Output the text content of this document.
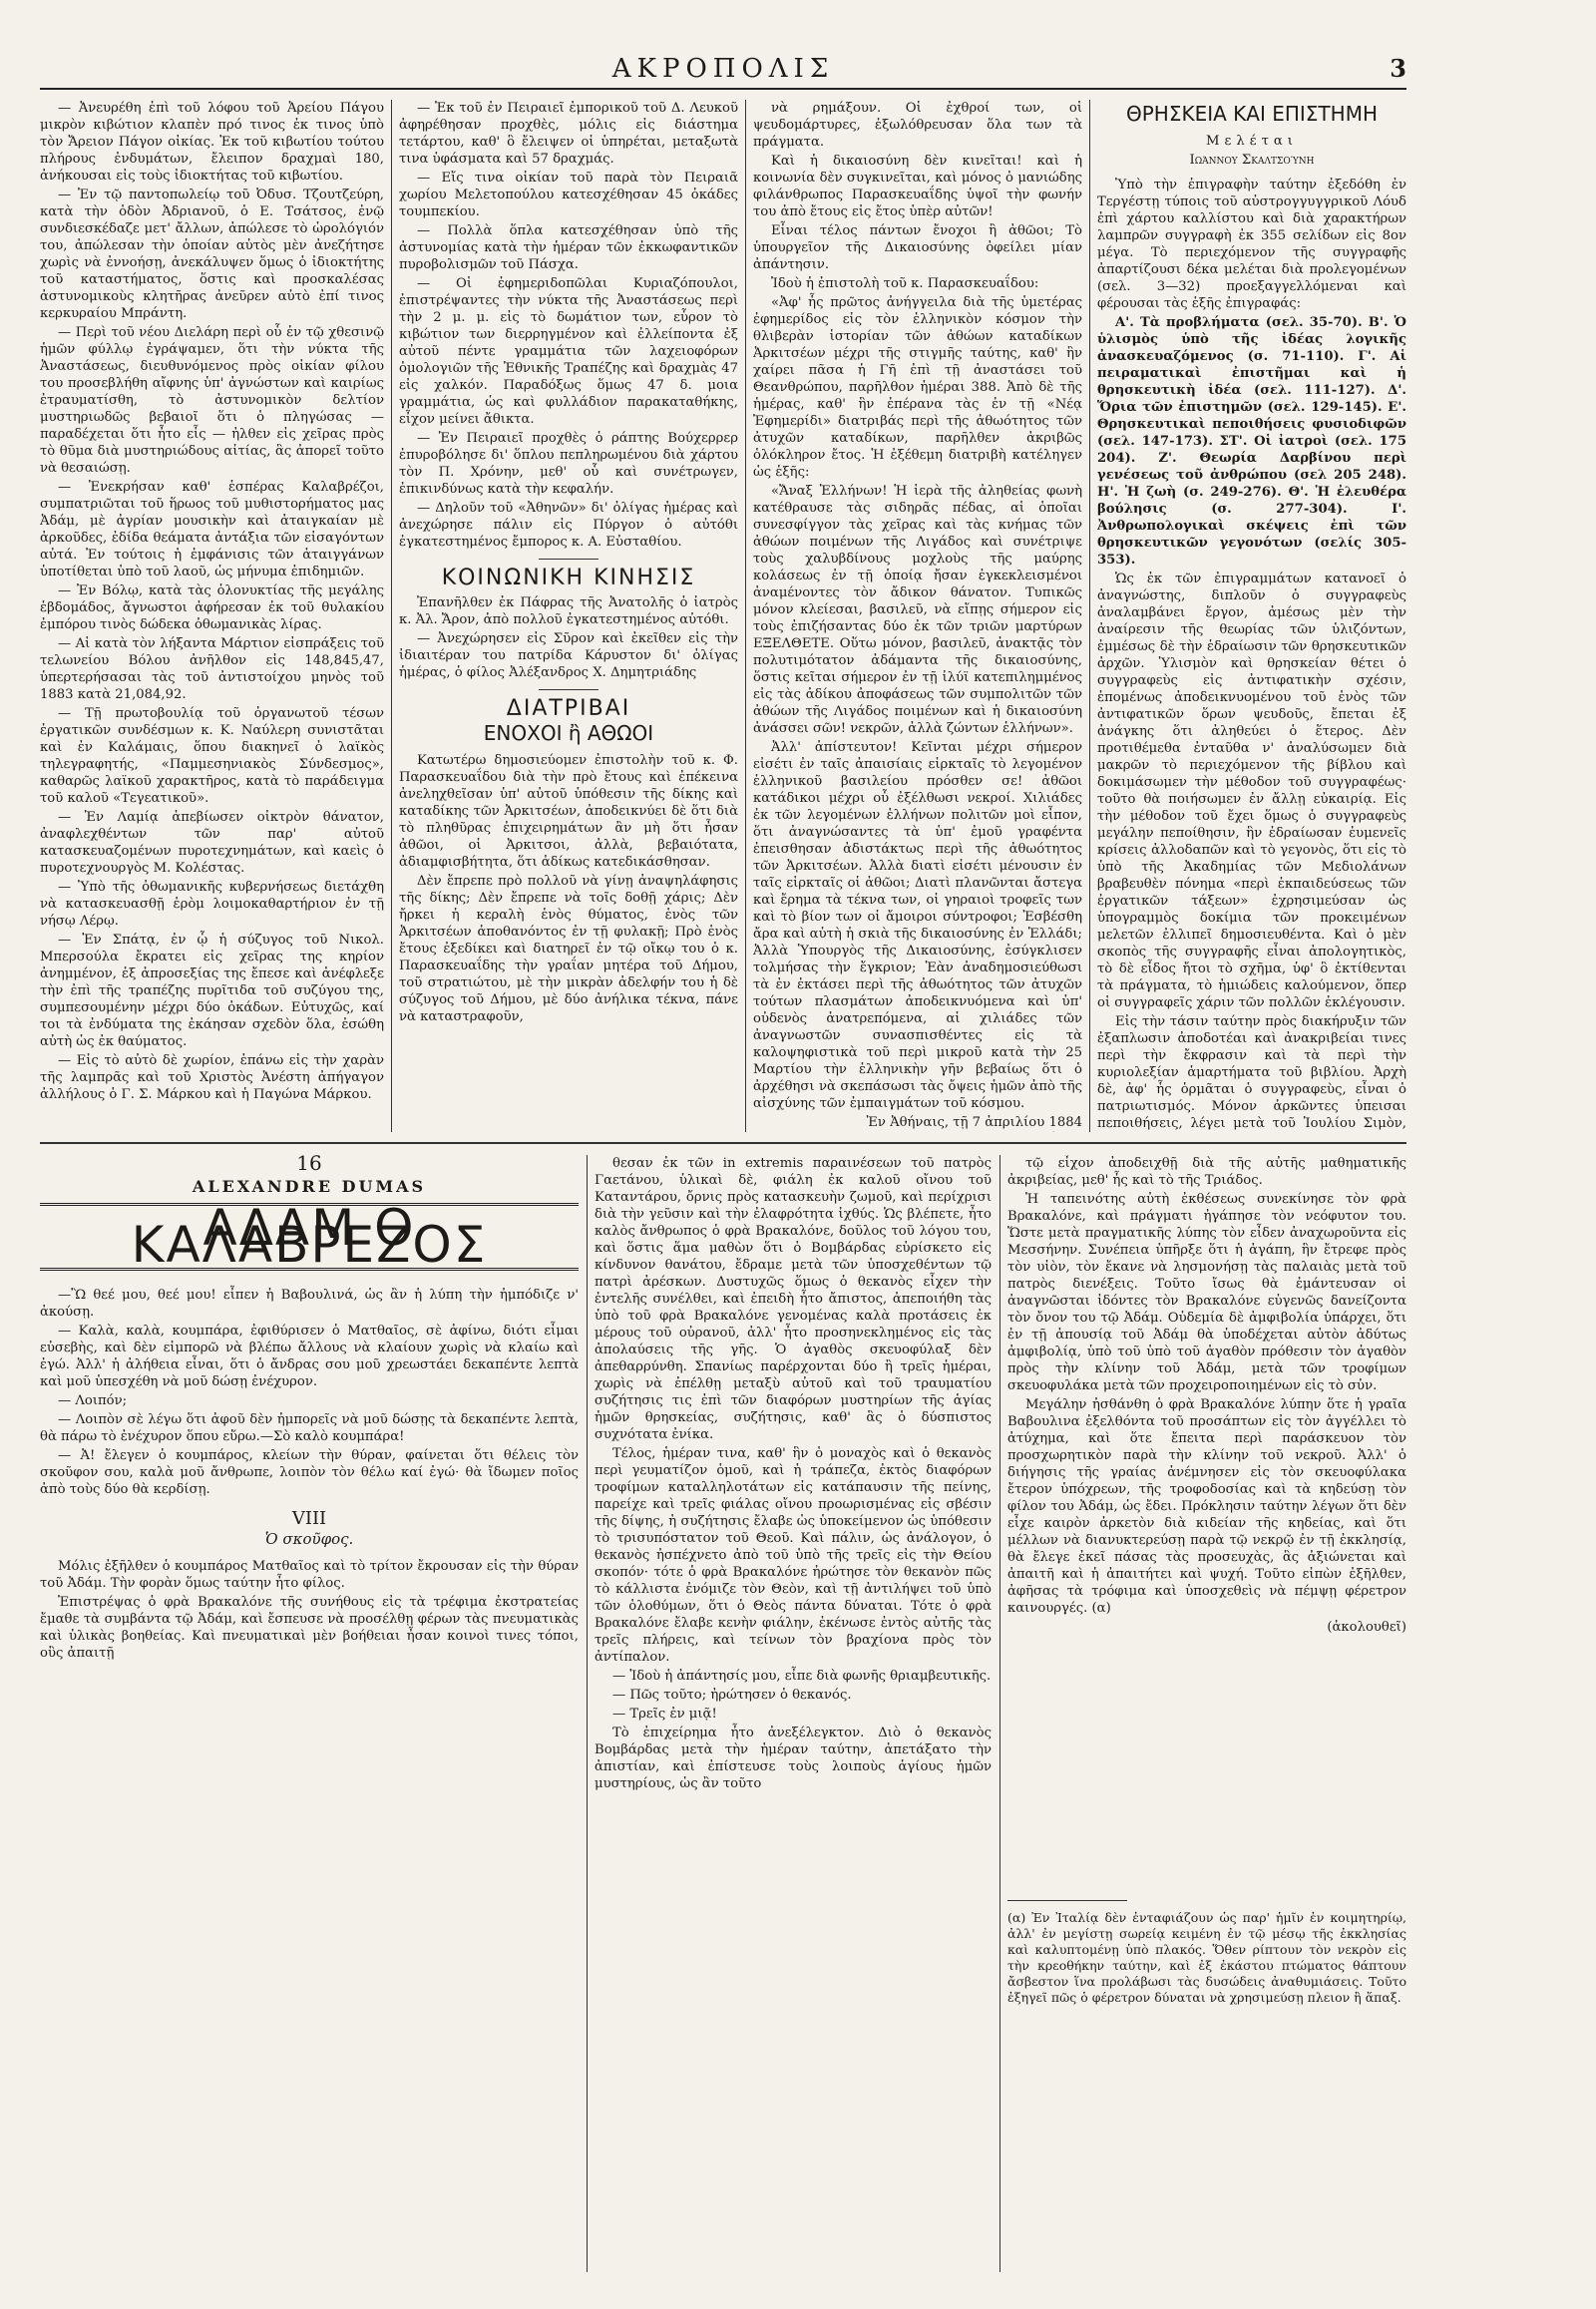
ΑΚΡΟΠΟΛΙΣ	3

— Ἀνευρέθη ἐπὶ τοῦ λόφου τοῦ Ἀρείου Πάγου μικρὸν κιβώτιον κλαπὲν πρό τινος ἐκ τινος ὑπὸ τὸν Ἄρειον Πάγον οἰκίας. Ἐκ τοῦ κιβωτίου τούτου πλήρους ἐνδυμάτων, ἔλειπον δραχμαὶ 180, ἀνήκουσαι εἰς τοὺς ἰδιοκτήτας τοῦ κιβωτίου.

— Ἐν τῷ παντοπωλείῳ τοῦ Ὀδυσ. Τζουτζεύρη, κατὰ τὴν ὁδὸν Ἀδριανοῦ, ὁ Ε. Τσάτσος, ἐνῷ συνδιεσκέδαζε μετ' ἄλλων, ἀπώλεσε τὸ ὡρολόγιόν του, ἀπώλεσαν τὴν ὁποίαν αὐτὸς μὲν ἀνεζήτησε χωρὶς νὰ ἐννοήσῃ, ἀνεκάλυψεν ὅμως ὁ ἰδιοκτήτης τοῦ καταστήματος, ὅστις καὶ προσκαλέσας ἀστυνομικοὺς κλητῆρας ἀνεῦρεν αὐτὸ ἐπί τινος κερκυραίου Μπράντη.

— Περὶ τοῦ νέου Διελάρη περὶ οὗ ἐν τῷ χθεσινῷ ἡμῶν φύλλῳ ἐγράψαμεν, ὅτι τὴν νύκτα τῆς Ἀναστάσεως, διευθυνόμενος πρὸς οἰκίαν φίλου του προσεβλήθη αἴφνης ὑπ' ἀγνώστων καὶ καιρίως ἐτραυματίσθη, τὸ ἀστυνομικὸν δελτίον μυστηριωδῶς βεβαιοῖ ὅτι ὁ πληγώσας — παραδέχεται ὅτι ἦτο εἷς — ἠλθεν εἰς χεῖρας πρὸς τὸ θῦμα διὰ μυστηριώδους αἰτίας, ἃς ἀπορεῖ τοῦτο νὰ θεσαιώσῃ.

— Ἐνεκρήσαν καθ' ἑσπέρας Καλαβρέζοι, συμπατριῶται τοῦ ἥρωος τοῦ μυθιστορήματος μας Ἀδάμ, μὲ ἀγρίαν μουσικὴν καὶ ἀταιγκαίαν μὲ ἀρκοῦδες, ἐδίδα θεάματα ἀντάξια τῶν εἰσαγόντων αὐτά. Ἐν τούτοις ἡ ἐμφάνισις τῶν ἀταιγγάνων ὑποτίθεται ὑπὸ τοῦ λαοῦ, ὡς μήνυμα ἐπιδημιῶν.

— Ἐν Βόλῳ, κατὰ τὰς ὁλονυκτίας τῆς μεγάλης ἑβδομάδος, ἄγνωστοι ἀφήρεσαν ἐκ τοῦ θυλακίου ἐμπόρου τινὸς δώδεκα ὀθωμανικὰς λίρας.

— Αἱ κατὰ τὸν λήξαντα Μάρτιον εἰσπράξεις τοῦ τελωνείου Βόλου ἀνῆλθον εἰς 148,845,47, ὑπερτερήσασαι τὰς τοῦ ἀντιστοίχου μηνὸς τοῦ 1883 κατὰ 21,084,92.

— Τῇ πρωτοβουλίᾳ τοῦ ὀργανωτοῦ τέσων ἐργατικῶν συνδέσμων κ. Κ. Ναύλερη συνιστᾶται καὶ ἐν Καλάμαις, ὅπου διακηνεῖ ὁ λαϊκὸς τηλεγραφητής, «Παμμεσηνιακὸς Σύνδεσμος», καθαρῶς λαϊκοῦ χαρακτῆρος, κατὰ τὸ παράδειγμα τοῦ καλοῦ «Τεγεατικοῦ».

— Ἐν Λαμίᾳ ἀπεβίωσεν οἰκτρὸν θάνατον, ἀναφλεχθέντων τῶν παρ' αὐτοῦ κατασκευαζομένων πυροτεχνημάτων, καὶ καεὶς ὁ πυροτεχνουργὸς Μ. Κολέστας.

— Ὑπὸ τῆς ὀθωμανικῆς κυβερνήσεως διετάχθη νὰ κατασκευασθῇ ἐρὸμ λοιμοκαθαρτήριον ἐν τῇ νήσῳ Λέρῳ.

— Ἐν Σπάτᾳ, ἐν ᾧ ἡ σύζυγος τοῦ Νικολ. Μπερσούλα ἔκρατει εἰς χεῖρας της κηρίον ἀνημμένον, ἐξ ἀπροσεξίας της ἔπεσε καὶ ἀνέφλεξε τὴν ἐπὶ τῆς τραπέζης πυρῖτιδα τοῦ συζύγου της, συμπεσουμένην μέχρι δύο ὀκάδων. Εὐτυχῶς, καί τοι τὰ ἐνδύματα της ἐκάησαν σχεδὸν ὅλα, ἐσώθη αὐτὴ ὡς ἐκ θαύματος.

— Εἰς τὸ αὐτὸ δὲ χωρίον, ἐπάνω εἰς τὴν χαρὰν τῆς λαμπρᾶς καὶ τοῦ Χριστὸς Ἀνέστη ἀπήγαγον ἀλλήλους ὁ Γ. Σ. Μάρκου καὶ ἡ Παγώνα Μάρκου.

— Ἐκ τοῦ ἐν Πειραιεῖ ἐμπορικοῦ τοῦ Δ. Λευκοῦ ἀφηρέθησαν προχθὲς, μόλις εἰς διάστημα τετάρτου, καθ' ὃ ἔλειψεν οἱ ὑπηρέται, μεταξωτὰ τινα ὑφάσματα καὶ 57 δραχμάς.

— Εἴς τινα οἰκίαν τοῦ παρὰ τὸν Πειραιᾶ χωρίου Μελετοπούλου κατεσχέθησαν 45 ὀκάδες τουμπεκίου.

— Πολλὰ ὅπλα κατεσχέθησαν ὑπὸ τῆς ἀστυνομίας κατὰ τὴν ἡμέραν τῶν ἐκκωφαντικῶν πυροβολισμῶν τοῦ Πάσχα.

— Οἱ ἐφημεριδοπῶλαι Κυριαζόπουλοι, ἐπιστρέψαντες τὴν νύκτα τῆς Ἀναστάσεως περὶ τὴν 2 μ. μ. εἰς τὸ δωμάτιον των, εὗρον τὸ κιβώτιον των διερρηγμένον καὶ ἐλλείποντα ἐξ αὐτοῦ πέντε γραμμάτια τῶν λαχειοφόρων ὁμολογιῶν τῆς Ἐθνικῆς Τραπέζης καὶ δραχμὰς 47 εἰς χαλκόν. Παραδόξως ὅμως 47 δ. μοια γραμμάτια, ὡς καὶ φυλλάδιον παρακαταθήκης, εἶχον μείνει ἄθικτα.

— Ἐν Πειραιεῖ προχθὲς ὁ ράπτης Βούχερρερ ἐπυροβόλησε δι' ὅπλου πεπληρωμένου διὰ χάρτου τὸν Π. Χρόνην, μεθ' οὗ καὶ συνέτρωγεν, ἐπικινδύνως κατὰ τὴν κεφαλήν.

— Δηλοῦν τοῦ «Ἀθηνῶν» δι' ὀλίγας ἡμέρας καὶ ἀνεχώρησε πάλιν εἰς Πύργον ὁ αὐτόθι ἐγκατεστημένος ἔμπορος κ. Α. Εὐσταθίου.

ΚΟΙΝΩΝΙΚΗ ΚΙΝΗΣΙΣ

Ἐπανῆλθεν ἐκ Πάφρας τῆς Ἀνατολῆς ὁ ἰατρὸς κ. Ἀλ. Ἄρον, ἀπὸ πολλοῦ ἐγκατεστημένος αὐτόθι.

— Ἀνεχώρησεν εἰς Σῦρον καὶ ἐκεῖθεν εἰς τὴν ἰδιαιτέραν του πατρίδα Κάρυστον δι' ὀλίγας ἡμέρας, ὁ φίλος Ἀλέξανδρος Χ. Δημητριάδης

ΔΙΑΤΡΙΒΑΙ
ΕΝΟΧΟΙ ἢ ΑΘΩΟΙ

Κατωτέρω δημοσιεύομεν ἐπιστολὴν τοῦ κ. Φ. Παρασκευαΐδου διὰ τὴν πρὸ ἔτους καὶ ἐπέκεινα ἀνεληχθεῖσαν ὑπ' αὐτοῦ ὑπόθεσιν τῆς δίκης καὶ καταδίκης τῶν Ἀρκιτσέων, ἀποδεικνύει δὲ ὅτι διὰ τὸ πληθῦρας ἐπιχειρημάτων ἂν μὴ ὅτι ἦσαν ἀθῶοι, οἱ Ἀρκιτσοι, ἀλλὰ, βεβαιότατα, ἀδιαμφισβήτητα, ὅτι ἀδίκως κατεδικάσθησαν.

Δὲν ἔπρεπε πρὸ πολλοῦ νὰ γίνῃ ἀναψηλάφησις τῆς δίκης; Δὲν ἔπρεπε νὰ τοῖς δοθῇ χάρις; Δὲν ἤρκει ἡ κεραλὴ ἑνὸς θύματος, ἑνὸς τῶν Ἀρκιτσέων ἀποθανόντος ἐν τῇ φυλακῇ; Πρὸ ἑνὸς ἔτους ἐξεδίκει καὶ διατηρεῖ ἐν τῷ οἴκῳ του ὁ κ. Παρασκευαΐδης τὴν γραΐαν μητέρα τοῦ Δήμου, τοῦ στρατιώτου, μὲ τὴν μικρὰν ἀδελφήν του ἡ δὲ σύζυγος τοῦ Δήμου, μὲ δύο ἀνήλικα τέκνα, πάνε νὰ καταστραφοῦν,

νὰ ρημάξουν. Οἱ ἐχθροί των, οἱ ψευδομάρτυρες, ἐξωλόθρευσαν ὅλα των τὰ πράγματα.

Καὶ ἡ δικαιοσύνη δὲν κινεῖται! καὶ ἡ κοινωνία δὲν συγκινεῖται, καὶ μόνος ὁ μανιώδης φιλάνθρωπος Παρασκευαΐδης ὑψοῖ τὴν φωνήν του ἀπὸ ἔτους εἰς ἔτος ὑπὲρ αὐτῶν!

Εἶναι τέλος πάντων ἔνοχοι ἢ ἀθῶοι; Τὸ ὑπουργεῖον τῆς Δικαιοσύνης ὀφείλει μίαν ἀπάντησιν.

Ἰδοὺ ἡ ἐπιστολὴ τοῦ κ. Παρασκευαΐδου:

«Ἀφ' ἧς πρῶτος ἀνήγγειλα διὰ τῆς ὑμετέρας ἐφημερίδος εἰς τὸν ἑλληνικὸν κόσμον τὴν θλιβερὰν ἱστορίαν τῶν ἀθώων καταδίκων Ἀρκιτσέων μέχρι τῆς στιγμῆς ταύτης, καθ' ἣν χαίρει πᾶσα ἡ Γῆ ἐπὶ τῇ ἀναστάσει τοῦ Θεανθρώπου, παρῆλθον ἡμέραι 388. Ἀπὸ δὲ τῆς ἡμέρας, καθ' ἣν ἐπέρανα τὰς ἐν τῇ «Νέᾳ Ἐφημερίδι» διατριβάς περὶ τῆς ἀθωότητος τῶν ἀτυχῶν καταδίκων, παρῆλθεν ἀκριβῶς ὁλόκληρον ἔτος. Ἡ ἐξέθεμη διατριβὴ κατέληγεν ὡς ἑξῆς:

«Ἄναξ Ἑλλήνων! Ἡ ἱερὰ τῆς ἀληθείας φωνὴ κατέθραυσε τὰς σιδηρᾶς πέδας, αἱ ὁποῖαι συνεσφίγγον τὰς χεῖρας καὶ τὰς κνήμας τῶν ἀθώων ποιμένων τῆς Λιγάδος καὶ συνέτριψε τοὺς χαλυβδίνους μοχλοὺς τῆς μαύρης κολάσεως ἐν τῇ ὁποίᾳ ἤσαν ἐγκεκλεισμένοι ἀναμένοντες τὸν ἄδικον θάνατον. Τυπικῶς μόνον κλείεσαι, βασιλεῦ, νὰ εἴπῃς σήμερον εἰς τοὺς ἐπιζήσαντας δύο ἐκ τῶν τριῶν μαρτύρων ΕΞΕΛΘΕΤΕ. Οὕτω μόνον, βασιλεῦ, ἀνακτᾷς τὸν πολυτιμότατον ἀδάμαντα τῆς δικαιοσύνης, ὅστις κεῖται σήμερον ἐν τῇ ἰλύϊ κατεπιλημμένος εἰς τὰς ἀδίκου ἀποφάσεως τῶν συμπολιτῶν τῶν ἀθώων τῆς Λιγάδος ποιμένων καὶ ἡ δικαιοσύνη ἀνάσσει σῶν! νεκρῶν, ἀλλὰ ζώντων ἑλλήνων».

Ἀλλ' ἀπίστευτον! Κεῖνται μέχρι σήμερον εἰσέτι ἐν ταῖς ἀπαισίαις εἱρκταῖς τὸ λεγομένον ἑλληνικοῦ βασιλείου πρόσθεν σε! ἀθῶοι κατάδικοι μέχρι οὗ ἐξέλθωσι νεκροί. Χιλιάδες ἐκ τῶν λεγομένων ἑλλήνων πολιτῶν μοὶ εἶπον, ὅτι ἀναγνώσαντες τὰ ὑπ' ἐμοῦ γραφέντα ἐπεισθησαν ἀδιστάκτως περὶ τῆς ἀθωότητος τῶν Ἀρκιτσέων. Ἀλλὰ διατὶ εἰσέτι μένουσιν ἐν ταῖς εἱρκταῖς οἱ ἀθῶοι; Διατὶ πλανῶνται ἄστεγα καὶ ἔρημα τὰ τέκνα των, οἱ γηραιοὶ τροφεῖς των καὶ τὸ βίον των οἱ ἄμοιροι σύντροφοι; Ἐσβέσθη ἄρα καὶ αὐτὴ ἡ σκιὰ τῆς δικαιοσύνης ἐν Ἑλλάδι; Ἀλλὰ Ὑπουργὸς τῆς Δικαιοσύνης, ἐσύγκλισεν τολμήσας τὴν ἔγκριον; Ἐὰν ἀναδημοσιεύθωσι τὰ ἐν ἐκτάσει περὶ τῆς ἀθωότητος τῶν ἀτυχῶν τούτων πλασμάτων ἀποδεικνυόμενα καὶ ὑπ' οὐδενὸς ἀνατρεπόμενα, αἱ χιλιάδες τῶν ἀναγνωστῶν συνασπισθέντες εἰς τὰ καλοψηφιστικὰ τοῦ περὶ μικροῦ κατὰ τὴν 25 Μαρτίου τὴν ἑλληνικὴν γῆν βεβαίως ὅτι ὁ ἀρχέθησι νὰ σκεπάσωσι τὰς ὄψεις ἡμῶν ἀπὸ τῆς αἰσχύνης τῶν ἐμπαιγμάτων τοῦ κόσμου.

Ἐν Ἀθήναις, τῇ 7 ἀπριλίου 1884

ΘΡΗΣΚΕΙΑ ΚΑΙ ΕΠΙΣΤΗΜΗ

Μελέται

Ιωάννου Σκαλτσούνη

Ὑπὸ τὴν ἐπιγραφὴν ταύτην ἐξεδόθη ἐν Τεργέστῃ τύποις τοῦ αὐστρογγυγγρικοῦ Λόυδ ἐπὶ χάρτου καλλίστου καὶ διὰ χαρακτήρων λαμπρῶν συγγραφὴ ἐκ 355 σελίδων εἰς 8ον μέγα. Τὸ περιεχόμενον τῆς συγγραφῆς ἀπαρτίζουσι δέκα μελέται διὰ προλεγομένων (σελ. 3—32) προεξαγγελλόμεναι καὶ φέρουσαι τὰς ἑξῆς ἐπιγραφάς:

Α'. Τὰ προβλήματα (σελ. 35-70). Β'. Ὁ ὑλισμὸς ὑπὸ τῆς ἰδέας λογικῆς ἀνασκευαζόμενος (σ. 71-110). Γ'. Αἱ πειραματικαὶ ἐπιστῆμαι καὶ ἡ θρησκευτικὴ ἰδέα (σελ. 111-127). Δ'. Ὅρια τῶν ἐπιστημῶν (σελ. 129-145). Ε'. Θρησκευτικαὶ πεποιθήσεις φυσιοδιφῶν (σελ. 147-173). ΣΤ'. Οἱ ἰατροὶ (σελ. 175 204). Ζ'. Θεωρία Δαρβίνου περὶ γενέσεως τοῦ ἀνθρώπου (σελ 205 248). Η'. Ἡ ζωὴ (σ. 249-276). Θ'. Ἡ ἐλευθέρα βούλησις (σ. 277-304). Ι'. Ἀνθρωπολογικαὶ σκέψεις ἐπὶ τῶν θρησκευτικῶν γεγονότων (σελίς 305-353).

Ὡς ἐκ τῶν ἐπιγραμμάτων κατανοεῖ ὁ ἀναγνώστης, διπλοῦν ὁ συγγραφεὺς ἀναλαμβάνει ἔργον, ἀμέσως μὲν τὴν ἀναίρεσιν τῆς θεωρίας τῶν ὑλιζόντων, ἐμμέσως δὲ τὴν ἑδραίωσιν τῶν θρησκευτικῶν ἀρχῶν. Ὑλισμὸν καὶ θρησκείαν θέτει ὁ συγγραφεὺς εἰς ἀντιφατικὴν σχέσιν, ἑπομένως ἀποδεικνυομένου τοῦ ἑνὸς τῶν ἀντιφατικῶν ὅρων ψευδοῦς, ἔπεται ἐξ ἀνάγκης ὅτι ἀληθεύει ὁ ἕτερος. Δὲν προτιθέμεθα ἐνταῦθα ν' ἀναλύσωμεν διὰ μακρῶν τὸ περιεχόμενον τῆς βίβλου καὶ δοκιμάσωμεν τὴν μέθοδον τοῦ συγγραφέως· τοῦτο θὰ ποιήσωμεν ἐν ἄλλῃ εὐκαιρίᾳ. Εἰς τὴν μέθοδον τοῦ ἔχει ὅμως ὁ συγγραφεὺς μεγάλην πεποίθησιν, ἣν ἐδραίωσαν ἐυμενεῖς κρίσεις ἀλλοδαπῶν καὶ τὸ γεγονὸς, ὅτι εἰς τὸ ὑπὸ τῆς Ἀκαδημίας τῶν Μεδιολάνων βραβευθὲν πόνημα «περὶ ἐκπαιδεύσεως τῶν ἐργατικῶν τάξεων» ἐχρησιμεύσαν ὡς ὑπογραμμὸς δοκίμια τῶν προκειμένων μελετῶν ἐλλιπεῖ δημοσιευθέντα. Καὶ ὁ μὲν σκοπὸς τῆς συγγραφῆς εἶναι ἀπολογητικὸς, τὸ δὲ εἶδος ἤτοι τὸ σχῆμα, ὑφ' ὃ ἐκτίθενται τὰ πράγματα, τὸ ἡμιώδεις καλούμενον, ὅπερ οἱ συγγραφεῖς χάριν τῶν πολλῶν ἐκλέγουσιν.

Εἰς τὴν τάσιν ταύτην πρὸς διακήρυξιν τῶν ἐξαπλωσιν ἀποδοτέαι καὶ ἀνακριβείαι τινες περὶ τὴν ἔκφρασιν καὶ τὰ περὶ τὴν κυριολεξίαν ἁμαρτήματα τοῦ βιβλίου. Ἀρχὴ δὲ, ἀφ' ἧς ὁρμᾶται ὁ συγγραφεὺς, εἶναι ὁ πατριωτισμός. Μόνον ἀρκῶντες ὑπεισαι πεποιθήσεις, λέγει μετὰ τοῦ Ἰουλίου Σιμὸν,

16
ALEXANDRE DUMAS
ΑΔΑΜ Ο ΚΑΛΑΒΡΕΖΟΣ

—Ὢ θεέ μου, θεέ μου! εἶπεν ἡ Βαβουλινά, ὡς ἂν ἡ λύπη τὴν ἠμπόδιζε ν' ἀκούσῃ.

— Καλὰ, καλὰ, κουμπάρα, ἐφιθύρισεν ὁ Ματθαῖος, σὲ ἀφίνω, διότι εἶμαι εὐσεβὴς, καὶ δὲν εἰμπορῶ νὰ βλέπω ἄλλους νὰ κλαίουν χωρὶς νὰ κλαίω καὶ ἐγώ. Ἀλλ' ἡ ἀλήθεια εἶναι, ὅτι ὁ ἄνδρας σου μοῦ χρεωστάει δεκαπέντε λεπτὰ καὶ μοῦ ὑπεσχέθη νὰ μοῦ δώσῃ ἐνέχυρον.

— Λοιπόν;

— Λοιπὸν σὲ λέγω ὅτι ἀφοῦ δὲν ἠμπορεῖς νὰ μοῦ δώσῃς τὰ δεκαπέντε λεπτὰ, θὰ πάρω τὸ ἐνέχυρον ὅπου εὕρω.—Σὸ καλὸ κουμπάρα!

— Ἀ! ἔλεγεν ὁ κουμπάρος, κλείων τὴν θύραν, φαίνεται ὅτι θέλεις τὸν σκοῦφον σου, καλὰ μοῦ ἄνθρωπε, λοιπὸν τὸν θέλω καί ἐγώ· θὰ ἴδωμεν ποῖος ἀπὸ τοὺς δύο θὰ κερδίσῃ.

VIII
Ὁ σκοῦφος.

Μόλις ἐξῆλθεν ὁ κουμπάρος Ματθαῖος καὶ τὸ τρίτον ἔκρουσαν εἰς τὴν θύραν τοῦ Ἀδάμ. Τὴν φορὰν ὅμως ταύτην ἦτο φίλος.

Ἐπιστρέψας ὁ φρὰ Βρακαλόνε τῆς συνήθους εἰς τὰ τρέφιμα ἐκστρατείας ἔμαθε τὰ συμβάντα τῷ Ἀδάμ, καὶ ἔσπευσε νὰ προσέλθῃ φέρων τὰς πνευματικὰς καὶ ὑλικὰς βοηθείας. Καὶ πνευματικαὶ μὲν βοήθειαι ἦσαν κοινοὶ τινες τόποι, οὓς ἀπαιτῇ

θεσαν ἐκ τῶν in extremis παραινέσεων τοῦ πατρὸς Γαετάνου, ὑλικαὶ δὲ, φιάλη ἐκ καλοῦ οἴνου τοῦ Καταντάρου, ὄρνις πρὸς κατασκευὴν ζωμοῦ, καὶ περίχρισι διὰ τὴν γεῦσιν καὶ τὴν ἐλαφρότητα ἰχθύς. Ὡς βλέπετε, ἦτο καλὸς ἄνθρωπος ὁ φρὰ Βρακαλόνε, δοῦλος τοῦ λόγου του, καὶ ὅστις ἅμα μαθὼν ὅτι ὁ Βομβάρδας εὑρίσκετο εἰς κίνδυνον θανάτου, ἔδραμε μετὰ τῶν ὑποσχεθέντων τῷ πατρὶ ἀρέσκων. Δυστυχῶς ὅμως ὁ θεκανὸς εἶχεν τὴν ἐντελῆς συνέλθει, καὶ ἐπειδὴ ἦτο ἄπιστος, ἀπεποιήθη τὰς ὑπὸ τοῦ φρὰ Βρακαλόνε γενομένας καλὰ προτάσεις ἐκ μέρους τοῦ οὐρανοῦ, ἀλλ' ἦτο προσηνεκλημένος εἰς τὰς ἀπολαύσεις τῆς γῆς. Ὁ ἀγαθὸς σκευοφύλαξ δὲν ἀπεθαρρύνθη. Σπανίως παρέρχονται δύο ἢ τρεῖς ἡμέραι, χωρὶς νὰ ἐπέλθῃ μεταξὺ αὐτοῦ καὶ τοῦ τραυματίου συζήτησις τις ἐπὶ τῶν διαφόρων μυστηρίων τῆς ἁγίας ἡμῶν θρησκείας, συζήτησις, καθ' ἃς ὁ δύσπιστος συχνότατα ἐνίκα.

Τέλος, ἡμέραν τινα, καθ' ἣν ὁ μοναχὸς καὶ ὁ θεκανὸς περὶ γευματίζον ὁμοῦ, καὶ ἡ τράπεζα, ἐκτὸς διαφόρων τροφίμων καταλληλοτάτων εἰς κατάπαυσιν τῆς πείνης, παρείχε καὶ τρεῖς φιάλας οἴνου προωρισμένας εἰς σβέσιν τῆς δίψης, ἡ συζήτησις ἔλαβε ὡς ὑποκείμενον ὡς ὑπόθεσιν τὸ τρισυπόστατον τοῦ Θεοῦ. Καὶ πάλιν, ὡς ἀνάλογον, ὁ θεκανὸς ἠσπέχνετο ἀπὸ τοῦ ὑπὸ τῆς τρεῖς εἰς τὴν Θείου σκοπόν· τότε ὁ φρὰ Βρακαλόνε ἠρώτησε τὸν θεκανὸν πῶς τὸ κάλλιστα ἐνόμιζε τὸν Θεὸν, καὶ τῇ ἀντιλήψει τοῦ ὑπὸ τῶν ὁλοθύμων, ὅτι ὁ Θεὸς πάντα δύναται. Τότε ὁ φρὰ Βρακαλόνε ἔλαβε κενὴν φιάλην, ἐκένωσε ἐντὸς αὐτῆς τὰς τρεῖς πλήρεις, καὶ τείνων τὸν βραχίονα πρὸς τὸν ἀντίπαλον.

— Ἰδοὺ ἡ ἀπάντησίς μου, εἶπε διὰ φωνῆς θριαμβευτικῆς.

— Πῶς τοῦτο; ἠρώτησεν ὁ θεκανός.

— Τρεῖς ἐν μιᾷ!

Τὸ ἐπιχείρημα ἦτο ἀνεξέλεγκτον. Διὸ ὁ θεκανὸς Βομβάρδας μετὰ τὴν ἡμέραν ταύτην, ἀπετάξατο τὴν ἀπιστίαν, καὶ ἐπίστευσε τοὺς λοιποὺς ἁγίους ἡμῶν μυστηρίους, ὡς ἂν τοῦτο

τῷ εἶχον ἀποδειχθῇ διὰ τῆς αὐτῆς μαθηματικῆς ἀκριβείας, μεθ' ἧς καὶ τὸ τῆς Τριάδος.

Ἡ ταπεινότης αὐτὴ ἐκθέσεως συνεκίνησε τὸν φρὰ Βρακαλόνε, καὶ πράγματι ἠγάπησε τὸν νεόφυτον του. Ὥστε μετὰ πραγματικῆς λύπης τὸν εἶδεν ἀναχωροῦντα εἰς Μεσσήνην. Συνέπεια ὑπῆρξε ὅτι ἡ ἀγάπη, ἣν ἔτρεφε πρὸς τὸν υἱὸν, τὸν ἔκανε νὰ λησμονήσῃ τὰς παλαιὰς μετὰ τοῦ πατρὸς διενέξεις. Τοῦτο ἴσως θὰ ἐμάντευσαν οἱ ἀναγνῶσται ἰδόντες τὸν Βρακαλόνε εὐγενῶς δανείζοντα τὸν ὄνον του τῷ Ἀδάμ. Οὐδεμία δὲ ἀμφιβολία ὑπάρχει, ὅτι ἐν τῇ ἀπουσίᾳ τοῦ Ἀδάμ θὰ ὑποδέχεται αὐτὸν ἀδύτως ἀμφιβολίᾳ, ὑπὸ τοῦ ὑπὸ τοῦ ἀγαθὸν πρόθεσιν τὸν ἀγαθὸν πρὸς τὴν κλίνην τοῦ Ἀδάμ, μετὰ τῶν τροφίμων σκευοφυλάκα μετὰ τῶν προχειροποιημένων εἰς τὸ σὐν.

Μεγάλην ἠσθάνθη ὁ φρὰ Βρακαλόνε λύπην ὅτε ἡ γραῖα Βαβουλινα ἐξελθόντα τοῦ προσάπτων εἰς τὸν ἀγγέλλει τὸ ἀτύχημα, καὶ ὅτε ἔπειτα περὶ παράσκευον τὸν προσχωρητικὸν παρὰ τὴν κλίνην τοῦ νεκροῦ. Ἀλλ' ὁ διήγησις τῆς γραίας ἀνέμνησεν εἰς τὸν σκευοφύλακα ἔτερον ὑπόχρεων, τῆς τροφοδοσίας καὶ τὰ κηδεύσῃ τὸν φίλον του Ἀδάμ, ὡς ἔδει. Πρόκλησιν ταύτην λέγων ὅτι δὲν εἶχε καιρὸν ἀρκετὸν διὰ κιδείαν τῆς κηδείας, καὶ ὅτι μέλλων νὰ διανυκτερεύσῃ παρὰ τῷ νεκρῷ ἐν τῇ ἐκκλησίᾳ, θὰ ἔλεγε ἐκεῖ πάσας τὰς προσευχὰς, ἃς ἀξιώνεται καὶ ἀπαιτῆ καὶ ἡ ἀπαιτήτει καὶ ψυχή. Τοῦτο εἰπὼν ἐξῆλθεν, ἀφῆσας τὰ τρόφιμα καὶ ὑποσχεθεὶς νὰ πέμψῃ φέρετρον καινουργές. (α)

(ἀκολουθεῖ)

(α) Ἐν Ἰταλίᾳ δὲν ἐνταφιάζουν ὡς παρ' ἡμῖν ἐν κοιμητηρίῳ, ἀλλ' ἐν μεγίστῃ σωρείᾳ κειμένη ἐν τῷ μέσῳ τῆς ἐκκλησίας καὶ καλυπτομένῃ ὑπὸ πλακός. Ὅθεν ρίπτουν τὸν νεκρὸν εἰς τὴν κρεοθήκην ταύτην, καὶ ἐξ ἐκάστου πτώματος θάπτουν ἄσβεστον ἵνα προλάβωσι τὰς δυσώδεις ἀναθυμιάσεις. Τοῦτο ἐξηγεῖ πῶς ὁ φέρετρον δύναται νὰ χρησιμεύσῃ πλειον ἢ ἅπαξ.
